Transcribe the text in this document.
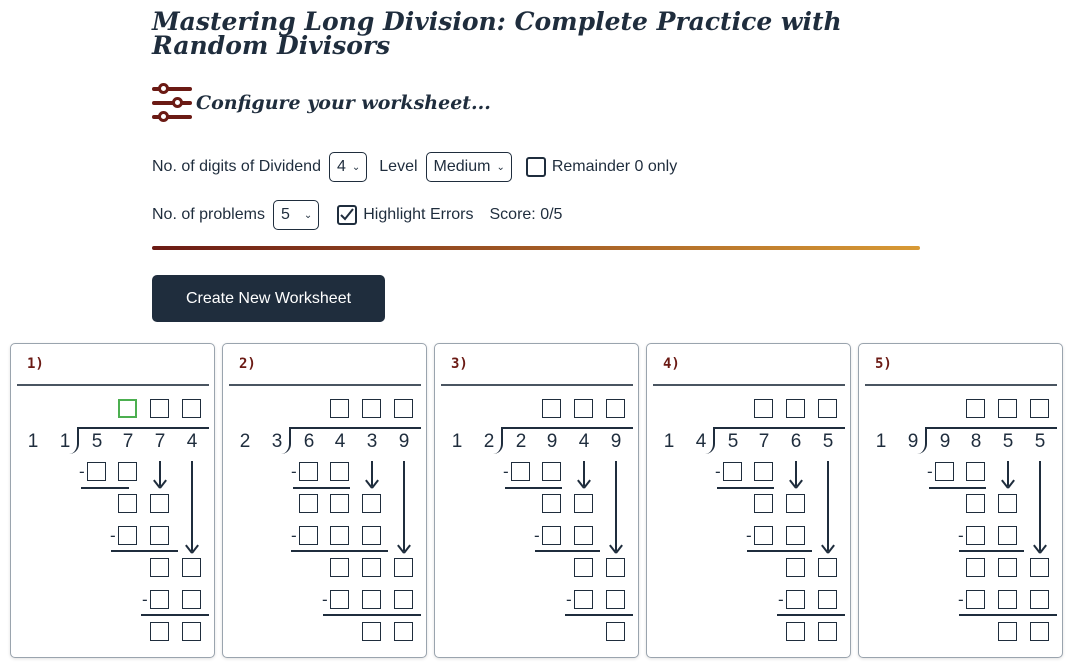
Mastering Long Division: Complete Practice with Random Divisors
Configure your worksheet...
No. of digits of Dividend 4 ⌄ Level Medium ⌄	Remainder 0 only
No. of problems 5 ⌄	Highlight Errors Score: 0/5
Create New Worksheet
1)
1 1 5 7 7 4
-
-
-
2)
2 3 6 4 3 9
-
-
-
3)
1 2 2 9 4 9
-
-
-
4)
1 4 5 7 6 5
-
-
-
5)
1 9 9 8 5 5
-
-
-
